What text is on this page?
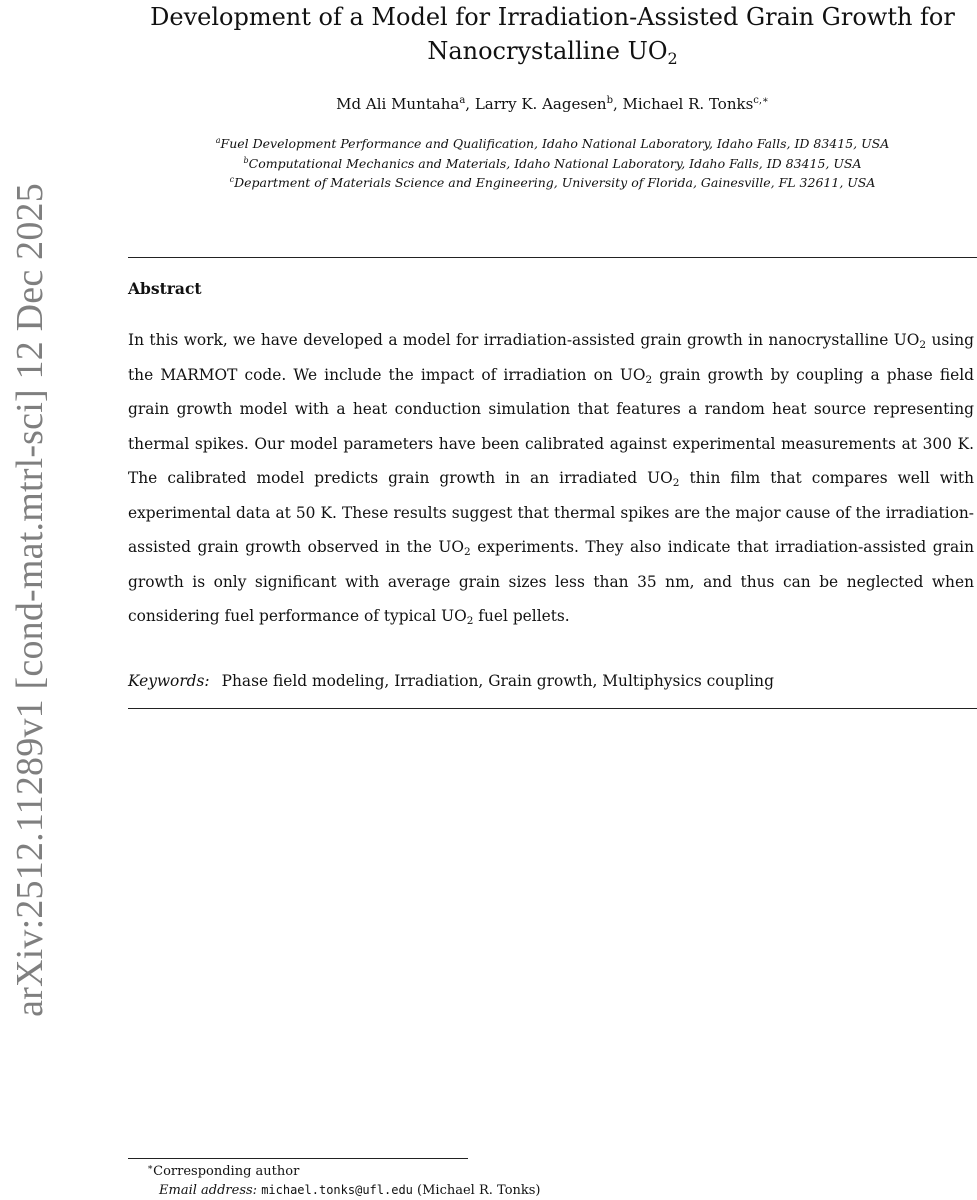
arXiv:2512.11289v1 [cond-mat.mtrl-sci] 12 Dec 2025
Development of a Model for Irradiation-Assisted Grain Growth for
Nanocrystalline $UO_2$
Md Ali Muntaha$^a$, Larry K. Aagesen$^b$, Michael R. Tonks$^{c,∗}$
$^a$Fuel Development Performance and Qualification, Idaho National Laboratory, Idaho Falls, ID 83415, USA
$^b$Computational Mechanics and Materials, Idaho National Laboratory, Idaho Falls, ID 83415, USA
$^c$Department of Materials Science and Engineering, University of Florida, Gainesville, FL 32611, USA
Abstract

In this work, we have developed a model for irradiation-assisted grain growth in nanocrystalline $UO_2$ using the MARMOT code. We include the impact of irradiation on $UO_2$ grain growth by coupling a phase field grain growth model with a heat conduction simulation that features a random heat source representing thermal spikes. Our model parameters have been calibrated against experimental measurements at 300 K. The calibrated model predicts grain growth in an irradiated $UO_2$ thin film that compares well with experimental data at 50 K. These results suggest that thermal spikes are the major cause of the irradiation-assisted grain growth observed in the $UO_2$ experiments. They also indicate that irradiation-assisted grain growth is only significant with average grain sizes less than 35 nm, and thus can be neglected when considering fuel performance of typical $UO_2$ fuel pellets.

Keywords: Phase field modeling, Irradiation, Grain growth, Multiphysics coupling
∗Corresponding author
Email address: michael.tonks@ufl.edu (Michael R. Tonks)
